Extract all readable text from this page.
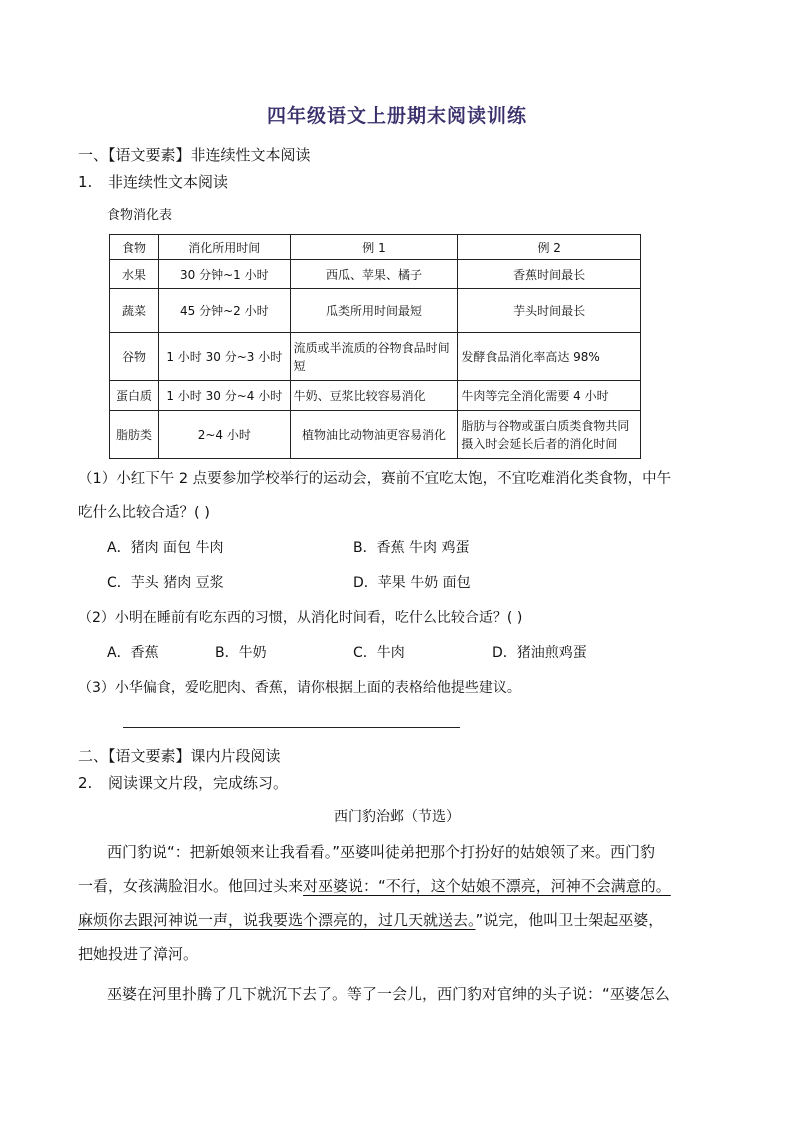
四年级语文上册期末阅读训练
一、【语文要素】非连续性文本阅读
1. 非连续性文本阅读
食物消化表
食物	消化所用时间	例 1	例 2
水果	30 分钟~1 小时	西瓜、苹果、橘子	香蕉时间最长
蔬菜	45 分钟~2 小时	瓜类所用时间最短	芋头时间最长
谷物	1 小时 30 分~3 小时	流质或半流质的谷物食品时间短	发酵食品消化率高达 98%
蛋白质	1 小时 30 分~4 小时	牛奶、豆浆比较容易消化	牛肉等完全消化需要 4 小时
脂肪类	2~4 小时	植物油比动物油更容易消化	脂肪与谷物或蛋白质类食物共同摄入时会延长后者的消化时间
（1）小红下午 2 点要参加学校举行的运动会，赛前不宜吃太饱，不宜吃难消化类食物，中午
吃什么比较合适？( )
A．猪肉 面包 牛肉	B．香蕉 牛肉 鸡蛋
C．芋头 猪肉 豆浆	D．苹果 牛奶 面包
（2）小明在睡前有吃东西的习惯，从消化时间看，吃什么比较合适？( )
A．香蕉	B．牛奶	C．牛肉	D．猪油煎鸡蛋
（3）小华偏食，爱吃肥肉、香蕉，请你根据上面的表格给他提些建议。
二、【语文要素】课内片段阅读
2. 阅读课文片段，完成练习。
西门豹治邺（节选）
西门豹说“：把新娘领来让我看看。”巫婆叫徒弟把那个打扮好的姑娘领了来。西门豹
一看，女孩满脸泪水。他回过头来对巫婆说：“不行，这个姑娘不漂亮，河神不会满意的。
麻烦你去跟河神说一声，说我要选个漂亮的，过几天就送去。”说完，他叫卫士架起巫婆，
把她投进了漳河。
巫婆在河里扑腾了几下就沉下去了。等了一会儿，西门豹对官绅的头子说：“巫婆怎么
